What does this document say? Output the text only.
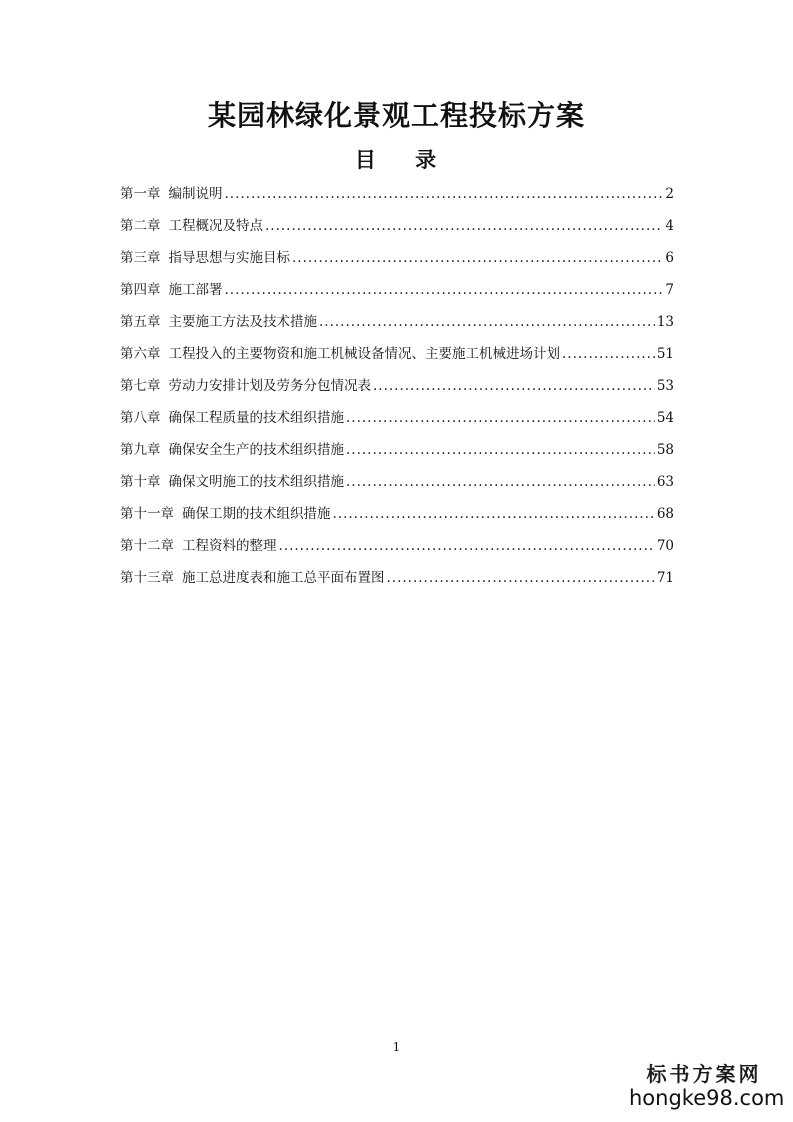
某园林绿化景观工程投标方案
目 录
第一章 编制说明 .....	2
第二章 工程概况及特点 .....	4
第三章 指导思想与实施目标 .....	6
第四章 施工部署 .....	7
第五章 主要施工方法及技术措施 .....	13
第六章 工程投入的主要物资和施工机械设备情况、主要施工机械进场计划 .....	51
第七章 劳动力安排计划及劳务分包情况表 .....	53
第八章 确保工程质量的技术组织措施 .....	54
第九章 确保安全生产的技术组织措施 .....	58
第十章 确保文明施工的技术组织措施 .....	63
第十一章 确保工期的技术组织措施 .....	68
第十二章 工程资料的整理 .....	70
第十三章 施工总进度表和施工总平面布置图 .....	71
1
标书方案网
hongke98.com
